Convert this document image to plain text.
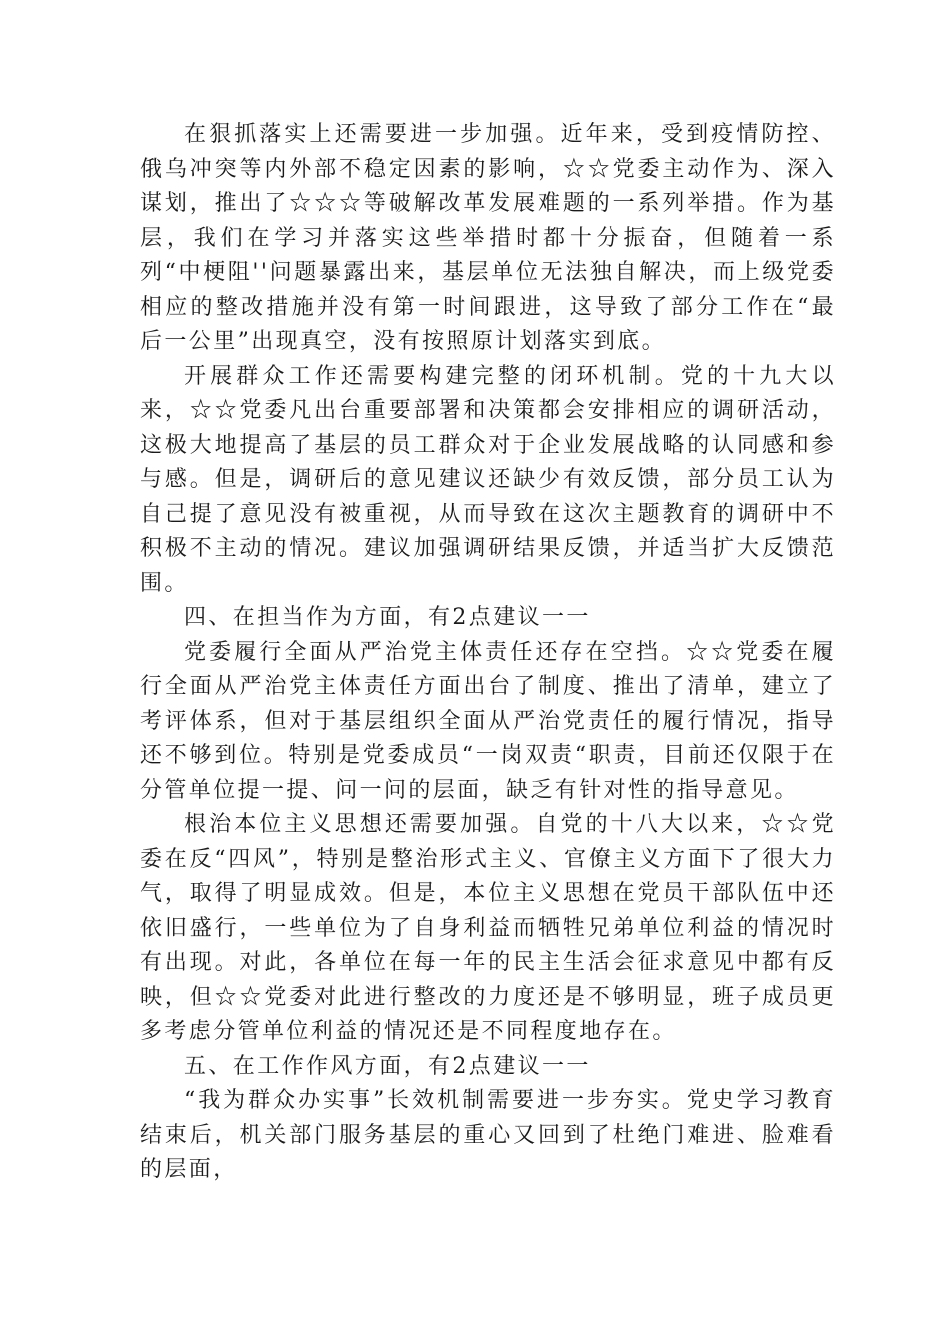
在狠抓落实上还需要进一步加强。近年来，受到疫情防控、俄乌冲突等内外部不稳定因素的影响，☆☆党委主动作为、深入谋划，推出了☆☆☆等破解改革发展难题的一系列举措。作为基层，我们在学习并落实这些举措时都十分振奋，但随着一系列“中梗阻''问题暴露出来，基层单位无法独自解决，而上级党委相应的整改措施并没有第一时间跟进，这导致了部分工作在“最后一公里”出现真空，没有按照原计划落实到底。

开展群众工作还需要构建完整的闭环机制。党的十九大以来，☆☆党委凡出台重要部署和决策都会安排相应的调研活动，这极大地提高了基层的员工群众对于企业发展战略的认同感和参与感。但是，调研后的意见建议还缺少有效反馈，部分员工认为自己提了意见没有被重视，从而导致在这次主题教育的调研中不积极不主动的情况。建议加强调研结果反馈，并适当扩大反馈范围。

四、在担当作为方面，有2点建议一一

党委履行全面从严治党主体责任还存在空挡。☆☆党委在履行全面从严治党主体责任方面出台了制度、推出了清单，建立了考评体系，但对于基层组织全面从严治党责任的履行情况，指导还不够到位。特别是党委成员“一岗双责“职责，目前还仅限于在分管单位提一提、问一问的层面，缺乏有针对性的指导意见。

根治本位主义思想还需要加强。自党的十八大以来，☆☆党委在反“四风”，特别是整治形式主义、官僚主义方面下了很大力气，取得了明显成效。但是，本位主义思想在党员干部队伍中还依旧盛行，一些单位为了自身利益而牺牲兄弟单位利益的情况时有出现。对此，各单位在每一年的民主生活会征求意见中都有反映，但☆☆党委对此进行整改的力度还是不够明显，班子成员更多考虑分管单位利益的情况还是不同程度地存在。

五、在工作作风方面，有2点建议一一

“我为群众办实事”长效机制需要进一步夯实。党史学习教育结束后，机关部门服务基层的重心又回到了杜绝门难进、脸难看的层面，
